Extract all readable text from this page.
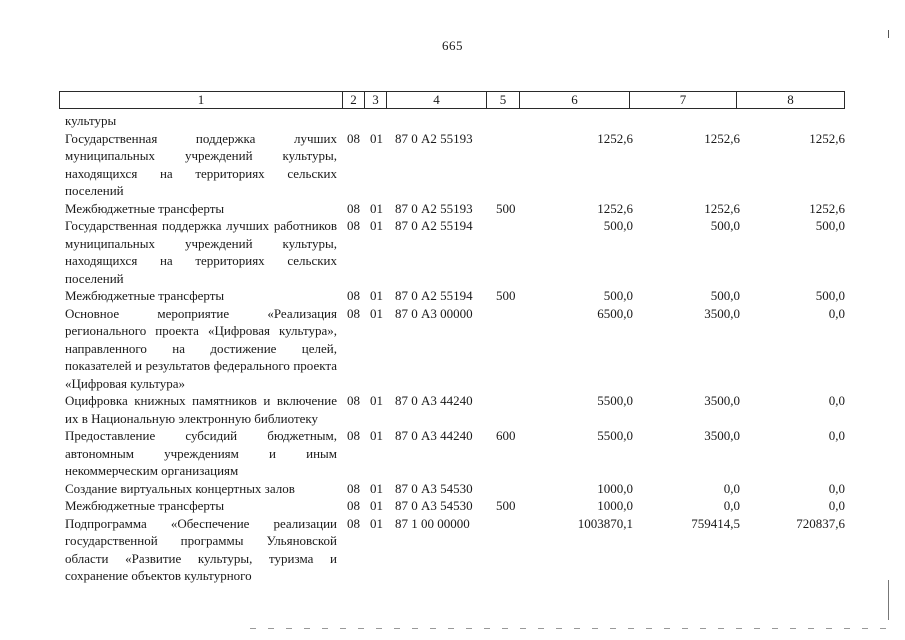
665
1	2	3	4	5	6	7	8
культуры
Государственная поддержка лучших муниципальных учреждений культуры, находящихся на территориях сельских поселений
08 01 87 0 А2 55193	1252,6	1252,6	1252,6
Межбюджетные трансферты	08 01 87 0 А2 55193 500	1252,6	1252,6	1252,6
Государственная поддержка лучших работников муниципальных учреждений культуры, находящихся на территориях сельских поселений
08 01 87 0 А2 55194	500,0	500,0	500,0
Межбюджетные трансферты	08 01 87 0 А2 55194 500	500,0	500,0	500,0
Основное мероприятие «Реализация регионального проекта «Цифровая культура», направленного на достижение целей, показателей и результатов федерального проекта «Цифровая культура»
08 01 87 0 А3 00000	6500,0	3500,0	0,0
Оцифровка книжных памятников и включение их в Национальную электронную библиотеку
08 01 87 0 А3 44240	5500,0	3500,0	0,0
Предоставление субсидий бюджетным, автономным учреждениям и иным некоммерческим организациям
08 01 87 0 А3 44240 600	5500,0	3500,0	0,0
Создание виртуальных концертных залов	08 01 87 0 А3 54530	1000,0	0,0	0,0
Межбюджетные трансферты	08 01 87 0 А3 54530 500	1000,0	0,0	0,0
Подпрограмма «Обеспечение реализации государственной программы Ульяновской области «Развитие культуры, туризма и сохранение объектов культурного
08 01 87 1 00 00000	1003870,1	759414,5	720837,6
